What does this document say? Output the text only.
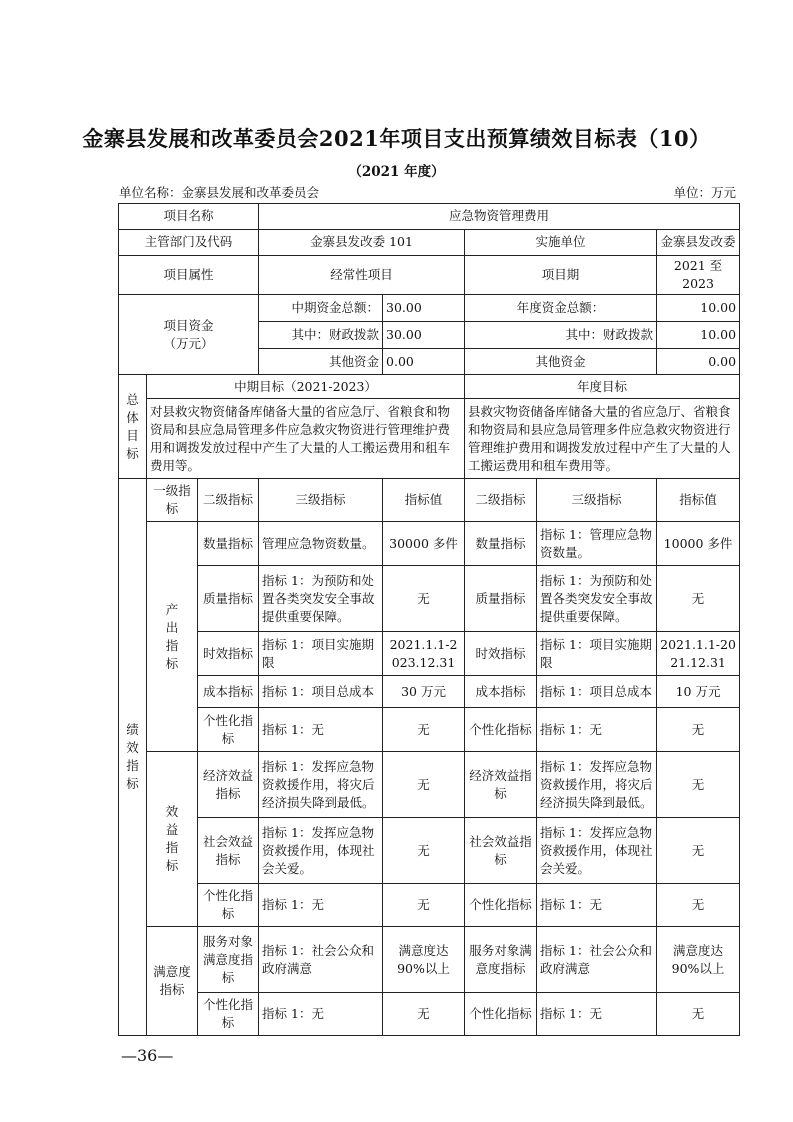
金寨县发展和改革委员会2021年项目支出预算绩效目标表（10）
（2021 年度）
单位名称：金寨县发展和改革委员会	单位：万元
项目名称			应急物资管理费用				
主管部门及代码			金寨县发改委 101		实施单位		金寨县发改委
项目属性			经常性项目		项目期		2021 至 2023
项目资金
（万元）			中期资金总额：	30.00	年度资金总额：		10.00
			其中：财政拨款	30.00	其中：财政拨款		10.00
			其他资金	0.00	其他资金		0.00

总
体
目
标	中期目标（2021-2023）				年度目标		
	对县救灾物资储备库储备大量的省应急厅、省粮食和物资局和县应急局管理多件应急救灾物资进行管理维护费用和调拨发放过程中产生了大量的人工搬运费用和租车费用等。				县救灾物资储备库储备大量的省应急厅、省粮食和物资局和县应急局管理多件应急救灾物资进行管理维护费用和调拨发放过程中产生了大量的人工搬运费用和租车费用等。		

绩
效
指
标	一级指标	二级指标	三级指标	指标值	二级指标	三级指标	指标值

	产
出
指
标	数量指标	管理应急物资数量。	30000 多件	数量指标	指标 1：管理应急物资数量。	10000 多件
		质量指标	指标 1：为预防和处置各类突发安全事故提供重要保障。	无	质量指标	指标 1：为预防和处置各类突发安全事故提供重要保障。	无
		时效指标	指标 1：项目实施期限	2021.1.1-2023.12.31	时效指标	指标 1：项目实施期限	2021.1.1-2021.12.31
		成本指标	指标 1：项目总成本	30 万元	成本指标	指标 1：项目总成本	10 万元
		个性化指标	指标 1：无	无	个性化指标	指标 1：无	无

	效
益
指
标	经济效益指标	指标 1：发挥应急物资救援作用，将灾后经济损失降到最低。	无	经济效益指标	指标 1：发挥应急物资救援作用，将灾后经济损失降到最低。	无
		社会效益指标	指标 1：发挥应急物资救援作用，体现社会关爱。	无	社会效益指标	指标 1：发挥应急物资救援作用，体现社会关爱。	无
		个性化指标	指标 1：无	无	个性化指标	指标 1：无	无
	满意度指标	服务对象满意度指标	指标 1：社会公众和政府满意	满意度达90%以上	服务对象满意度指标	指标 1：社会公众和政府满意	满意度达90%以上
		个性化指标	指标 1：无	无	个性化指标	指标 1：无	无
—36—
